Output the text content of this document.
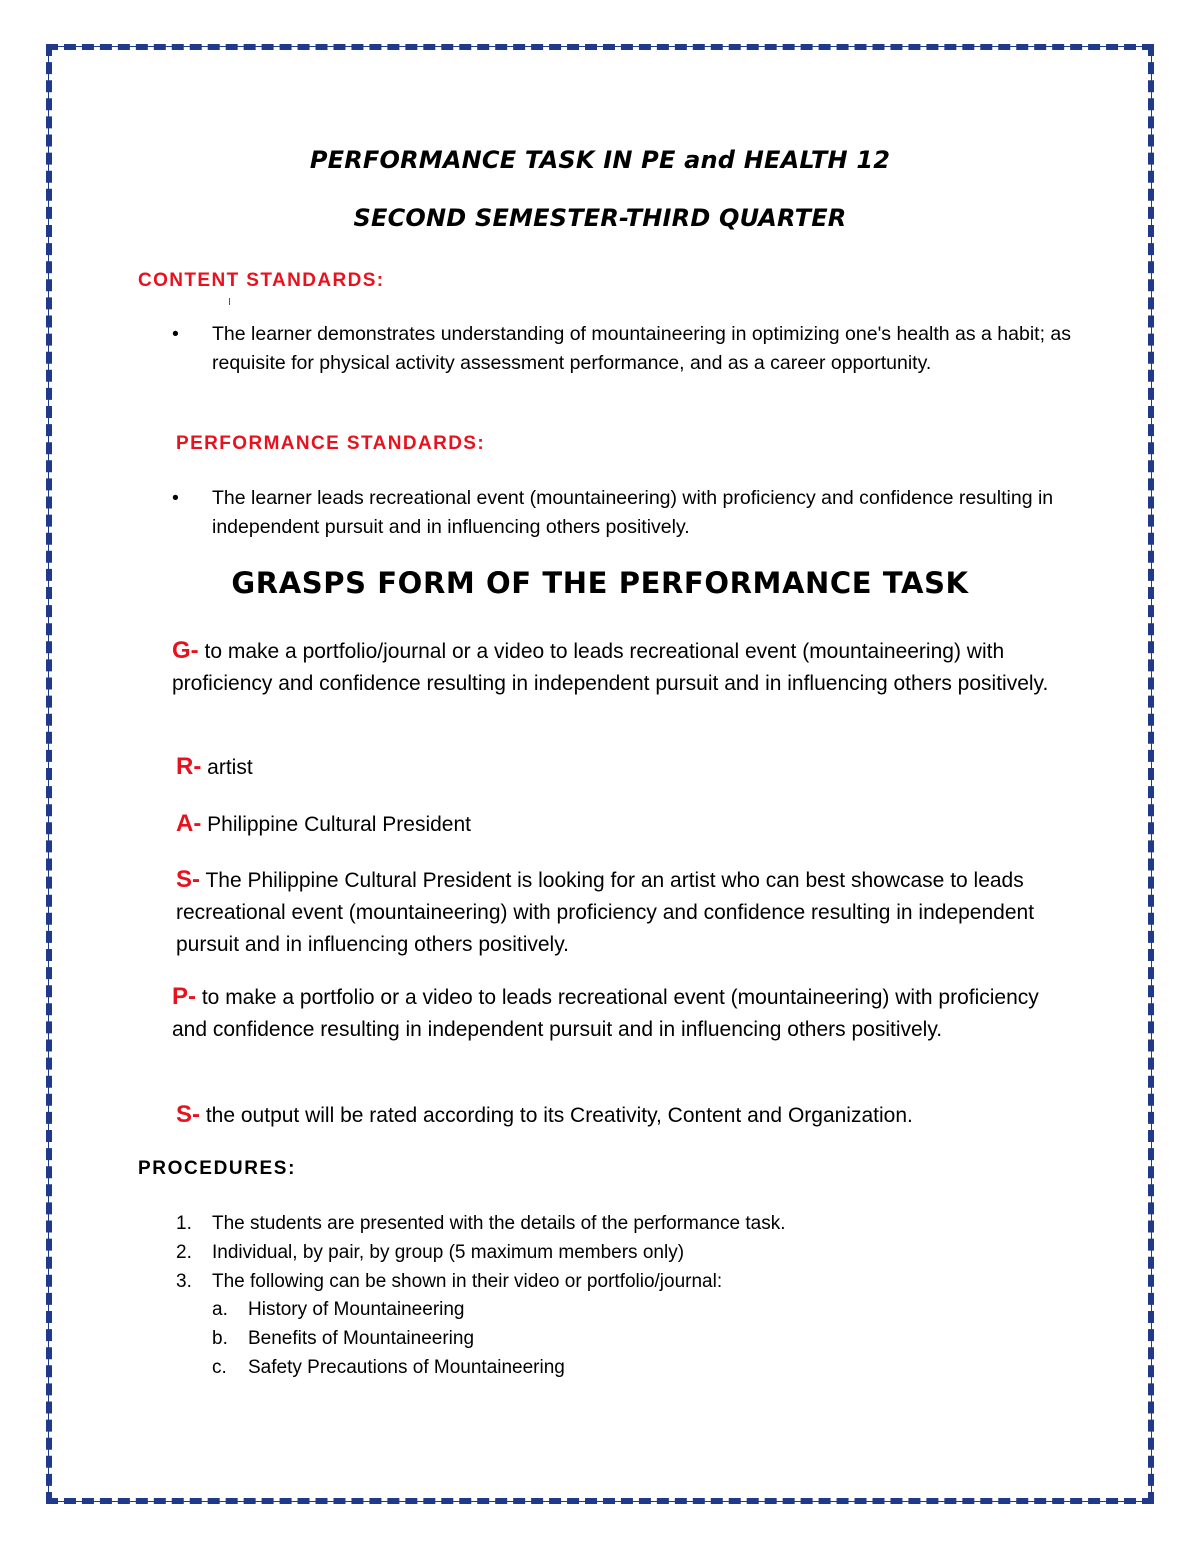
PERFORMANCE TASK IN PE and HEALTH 12
SECOND SEMESTER-THIRD QUARTER
CONTENT STANDARDS:
• The learner demonstrates understanding of mountaineering in optimizing one's health as a habit; as requisite for physical activity assessment performance, and as a career opportunity.
PERFORMANCE STANDARDS:
• The learner leads recreational event (mountaineering) with proficiency and confidence resulting in independent pursuit and in influencing others positively.
GRASPS FORM OF THE PERFORMANCE TASK
G- to make a portfolio/journal or a video to leads recreational event (mountaineering) with proficiency and confidence resulting in independent pursuit and in influencing others positively.
R- artist
A- Philippine Cultural President
S- The Philippine Cultural President is looking for an artist who can best showcase to leads recreational event (mountaineering) with proficiency and confidence resulting in independent pursuit and in influencing others positively.
P- to make a portfolio or a video to leads recreational event (mountaineering) with proficiency and confidence resulting in independent pursuit and in influencing others positively.
S- the output will be rated according to its Creativity, Content and Organization.
PROCEDURES:
1. The students are presented with the details of the performance task.
2. Individual, by pair, by group (5 maximum members only)
3. The following can be shown in their video or portfolio/journal:
a. History of Mountaineering
b. Benefits of Mountaineering
c. Safety Precautions of Mountaineering
